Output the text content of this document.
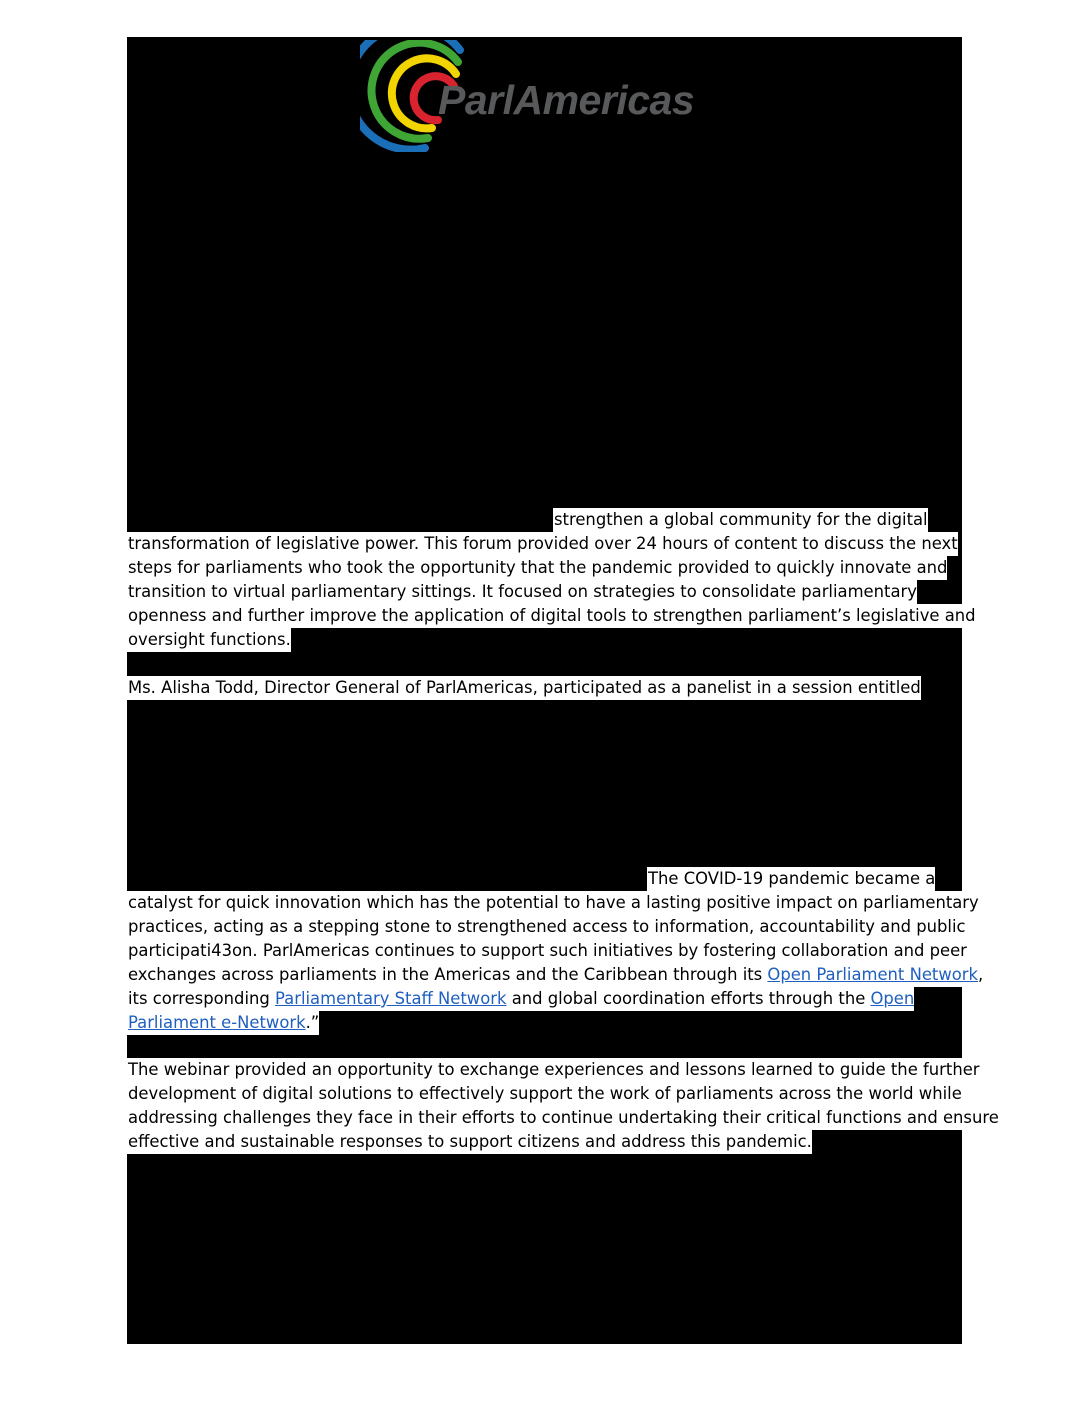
ParlAmericas
strengthen a global community for the digital
transformation of legislative power. This forum provided over 24 hours of content to discuss the next
steps for parliaments who took the opportunity that the pandemic provided to quickly innovate and
transition to virtual parliamentary sittings. It focused on strategies to consolidate parliamentary
openness and further improve the application of digital tools to strengthen parliament’s legislative and
oversight functions.
Ms. Alisha Todd, Director General of ParlAmericas, participated as a panelist in a session entitled
The COVID-19 pandemic became a
catalyst for quick innovation which has the potential to have a lasting positive impact on parliamentary
practices, acting as a stepping stone to strengthened access to information, accountability and public
participati43on. ParlAmericas continues to support such initiatives by fostering collaboration and peer
exchanges across parliaments in the Americas and the Caribbean through its Open Parliament Network,
its corresponding Parliamentary Staff Network and global coordination efforts through the Open
Parliament e-Network.”
The webinar provided an opportunity to exchange experiences and lessons learned to guide the further
development of digital solutions to effectively support the work of parliaments across the world while
addressing challenges they face in their efforts to continue undertaking their critical functions and ensure
effective and sustainable responses to support citizens and address this pandemic.
